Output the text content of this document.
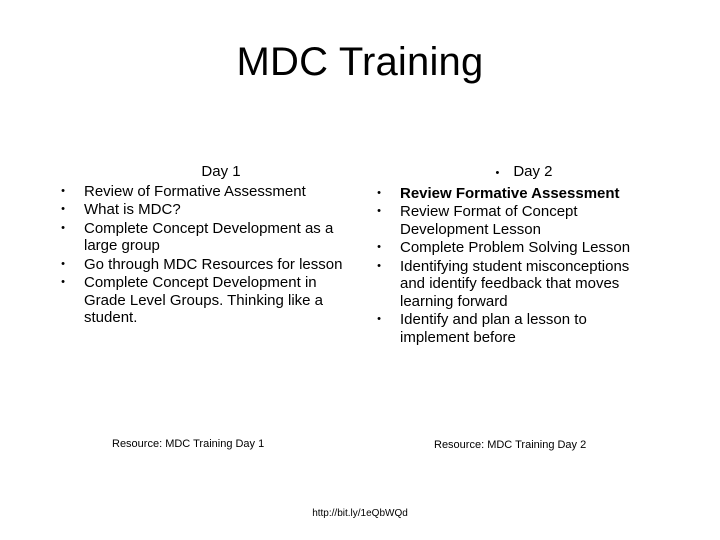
MDC Training
Day 1
• Review of Formative Assessment
• What is MDC?
• Complete Concept Development as a large group
• Go through MDC Resources for lesson
• Complete Concept Development in Grade Level Groups. Thinking like a student.
• Day 2
• Review Formative Assessment
• Review Format of Concept Development Lesson
• Complete Problem Solving Lesson
• Identifying student misconceptions and identify feedback that moves learning forward
• Identify and plan a lesson to implement before
Resource: MDC Training Day 1	Resource: MDC Training Day 2
http://bit.ly/1eQbWQd
